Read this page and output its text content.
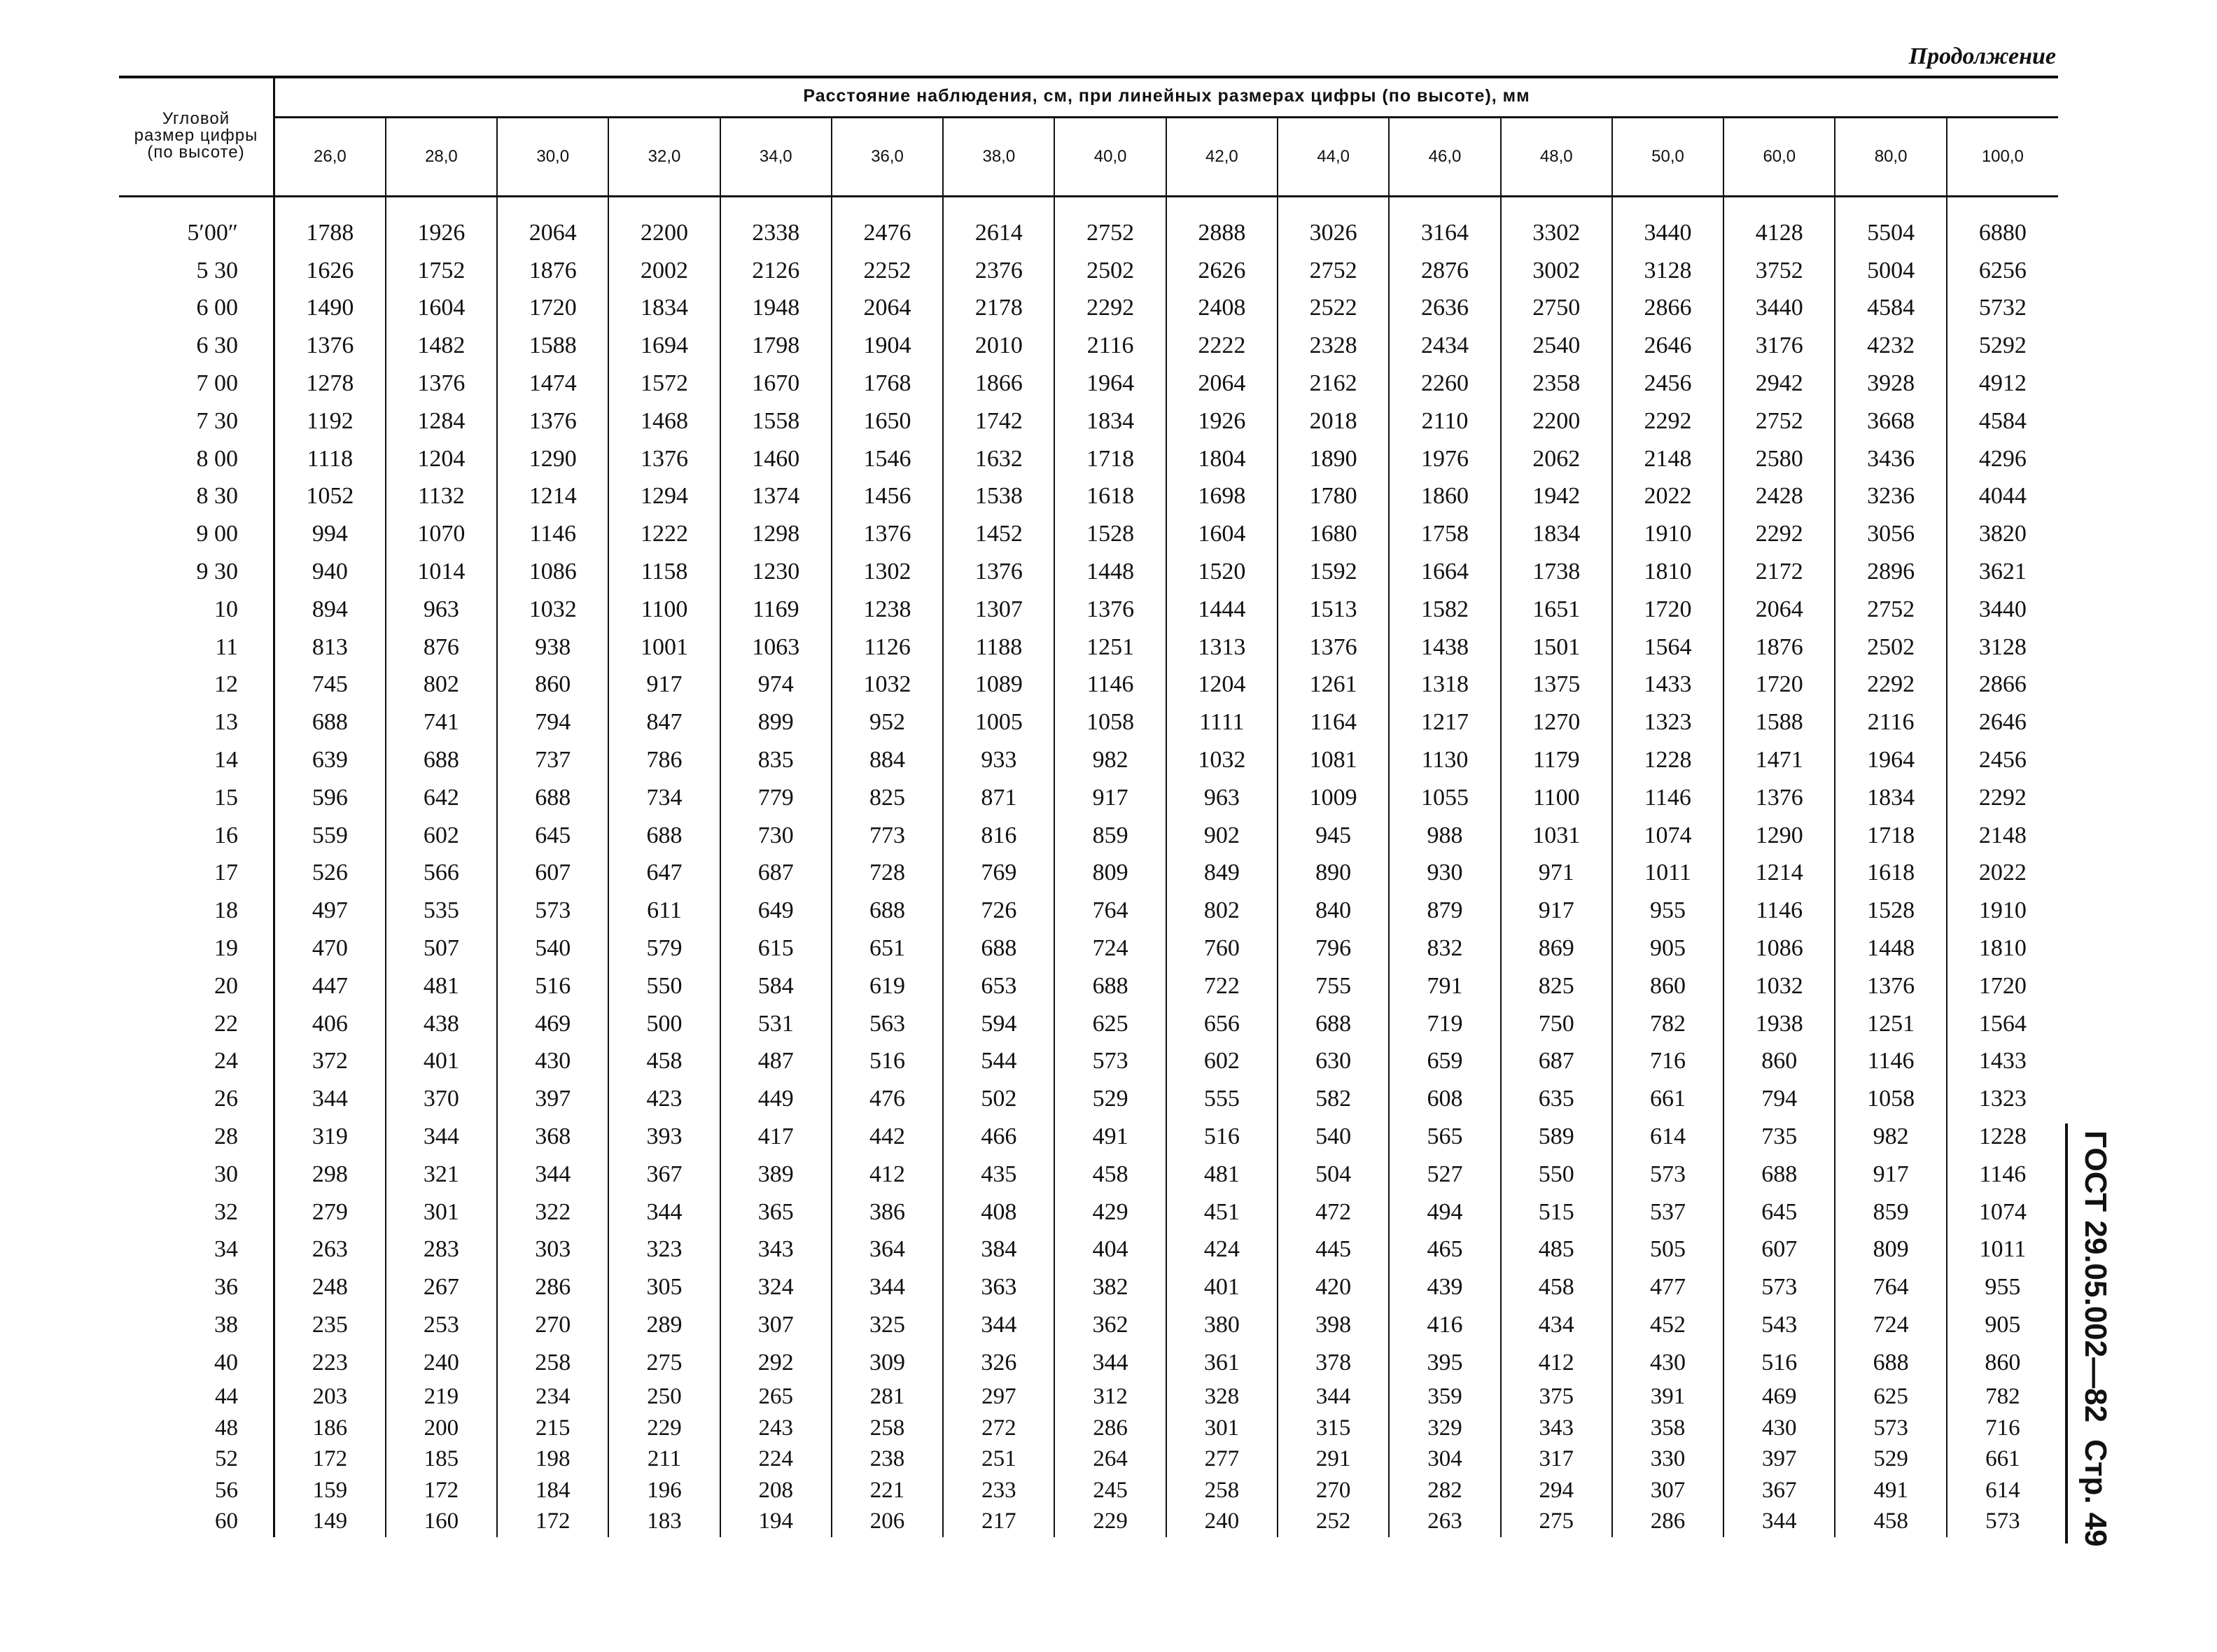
Продолжение
Угловой
размер цифры
(по высоте)	Расстояние наблюдения, см, при линейных размерах цифры (по высоте), мм															
	26,0	28,0	30,0	32,0	34,0	36,0	38,0	40,0	42,0	44,0	46,0	48,0	50,0	60,0	80,0	100,0

5′00″	1788	1926	2064	2200	2338	2476	2614	2752	2888	3026	3164	3302	3440	4128	5504	6880
5 30	1626	1752	1876	2002	2126	2252	2376	2502	2626	2752	2876	3002	3128	3752	5004	6256
6 00	1490	1604	1720	1834	1948	2064	2178	2292	2408	2522	2636	2750	2866	3440	4584	5732
6 30	1376	1482	1588	1694	1798	1904	2010	2116	2222	2328	2434	2540	2646	3176	4232	5292
7 00	1278	1376	1474	1572	1670	1768	1866	1964	2064	2162	2260	2358	2456	2942	3928	4912
7 30	1192	1284	1376	1468	1558	1650	1742	1834	1926	2018	2110	2200	2292	2752	3668	4584
8 00	1118	1204	1290	1376	1460	1546	1632	1718	1804	1890	1976	2062	2148	2580	3436	4296
8 30	1052	1132	1214	1294	1374	1456	1538	1618	1698	1780	1860	1942	2022	2428	3236	4044
9 00	994	1070	1146	1222	1298	1376	1452	1528	1604	1680	1758	1834	1910	2292	3056	3820
9 30	940	1014	1086	1158	1230	1302	1376	1448	1520	1592	1664	1738	1810	2172	2896	3621
10	894	963	1032	1100	1169	1238	1307	1376	1444	1513	1582	1651	1720	2064	2752	3440
11	813	876	938	1001	1063	1126	1188	1251	1313	1376	1438	1501	1564	1876	2502	3128
12	745	802	860	917	974	1032	1089	1146	1204	1261	1318	1375	1433	1720	2292	2866
13	688	741	794	847	899	952	1005	1058	1111	1164	1217	1270	1323	1588	2116	2646
14	639	688	737	786	835	884	933	982	1032	1081	1130	1179	1228	1471	1964	2456
15	596	642	688	734	779	825	871	917	963	1009	1055	1100	1146	1376	1834	2292
16	559	602	645	688	730	773	816	859	902	945	988	1031	1074	1290	1718	2148
17	526	566	607	647	687	728	769	809	849	890	930	971	1011	1214	1618	2022
18	497	535	573	611	649	688	726	764	802	840	879	917	955	1146	1528	1910
19	470	507	540	579	615	651	688	724	760	796	832	869	905	1086	1448	1810
20	447	481	516	550	584	619	653	688	722	755	791	825	860	1032	1376	1720
22	406	438	469	500	531	563	594	625	656	688	719	750	782	1938	1251	1564
24	372	401	430	458	487	516	544	573	602	630	659	687	716	860	1146	1433
26	344	370	397	423	449	476	502	529	555	582	608	635	661	794	1058	1323
28	319	344	368	393	417	442	466	491	516	540	565	589	614	735	982	1228
30	298	321	344	367	389	412	435	458	481	504	527	550	573	688	917	1146
32	279	301	322	344	365	386	408	429	451	472	494	515	537	645	859	1074
34	263	283	303	323	343	364	384	404	424	445	465	485	505	607	809	1011
36	248	267	286	305	324	344	363	382	401	420	439	458	477	573	764	955
38	235	253	270	289	307	325	344	362	380	398	416	434	452	543	724	905
40	223	240	258	275	292	309	326	344	361	378	395	412	430	516	688	860
44	203	219	234	250	265	281	297	312	328	344	359	375	391	469	625	782
48	186	200	215	229	243	258	272	286	301	315	329	343	358	430	573	716
52	172	185	198	211	224	238	251	264	277	291	304	317	330	397	529	661
56	159	172	184	196	208	221	233	245	258	270	282	294	307	367	491	614
60	149	160	172	183	194	206	217	229	240	252	263	275	286	344	458	573
ГОСТ 29.05.002—82Стр. 49
